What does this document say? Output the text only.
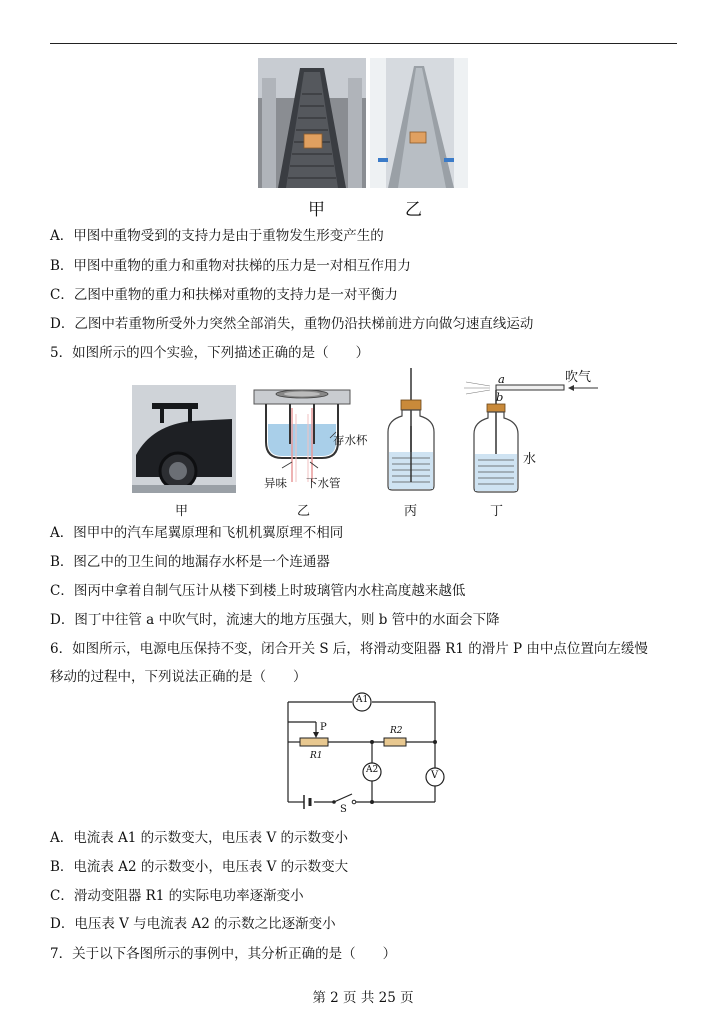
甲	乙
A．甲图中重物受到的支持力是由于重物发生形变产生的
B．甲图中重物的重力和重物对扶梯的压力是一对相互作用力
C．乙图中重物的重力和扶梯对重物的支持力是一对平衡力
D．乙图中若重物所受外力突然全部消失，重物仍沿扶梯前进方向做匀速直线运动
5．如图所示的四个实验，下列描述正确的是（　　）
存水杯
异味 下水管
a
b
吹气
水
甲	乙	丙	丁
A．图甲中的汽车尾翼原理和飞机机翼原理不相同
B．图乙中的卫生间的地漏存水杯是一个连通器
C．图丙中拿着自制气压计从楼下到楼上时玻璃管内水柱高度越来越低
D．图丁中往管 a 中吹气时，流速大的地方压强大，则 b 管中的水面会下降
6．如图所示，电源电压保持不变，闭合开关 S 后，将滑动变阻器 R1 的滑片 P 由中点位置向左缓慢
移动的过程中，下列说法正确的是（　　）
A1
A2	V
P
R1
R2
S
A．电流表 A1 的示数变大，电压表 V 的示数变小
B．电流表 A2 的示数变小，电压表 V 的示数变大
C．滑动变阻器 R1 的实际电功率逐渐变小
D．电压表 V 与电流表 A2 的示数之比逐渐变小
7．关于以下各图所示的事例中，其分析正确的是（　　）
第 2 页 共 25 页
